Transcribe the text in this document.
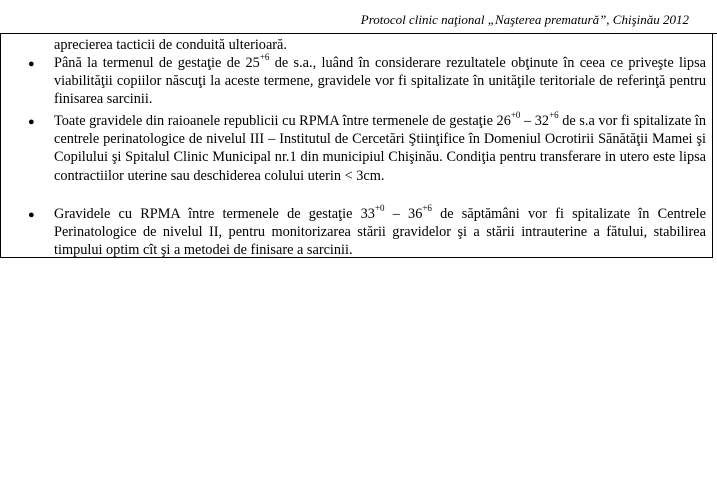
Protocol clinic naţional „Naşterea prematură”, Chişinău 2012
aprecierea tacticii de conduită ulterioară.
● Până la termenul de gestaţie de $25^{+6}$ de s.a., luând în considerare rezultatele obţinute în ceea ce priveşte lipsa viabilităţii copiilor născuţi la aceste termene, gravidele vor fi spitalizate în unităţile teritoriale de referinţă pentru finisarea sarcinii.
● Toate gravidele din raioanele republicii cu RPMA între termenele de gestaţie $26^{+0} - 32^{+6}$ de s.a vor fi spitalizate în centrele perinatologice de nivelul III – Institutul de Cercetări Ştiinţifice în Domeniul Ocrotirii Sănătăţii Mamei şi Copilului şi Spitalul Clinic Municipal nr.1 din municipiul Chişinău. Condiţia pentru transferare in utero este lipsa contractiilor uterine sau deschiderea colului uterin < 3cm.
● Gravidele cu RPMA între termenele de gestaţie $33^{+0} - 36^{+6}$ de săptămâni vor fi spitalizate în Centrele Perinatologice de nivelul II, pentru monitorizarea stării gravidelor şi a stării intrauterine a fătului, stabilirea timpului optim cît şi a metodei de finisare a sarcinii.
